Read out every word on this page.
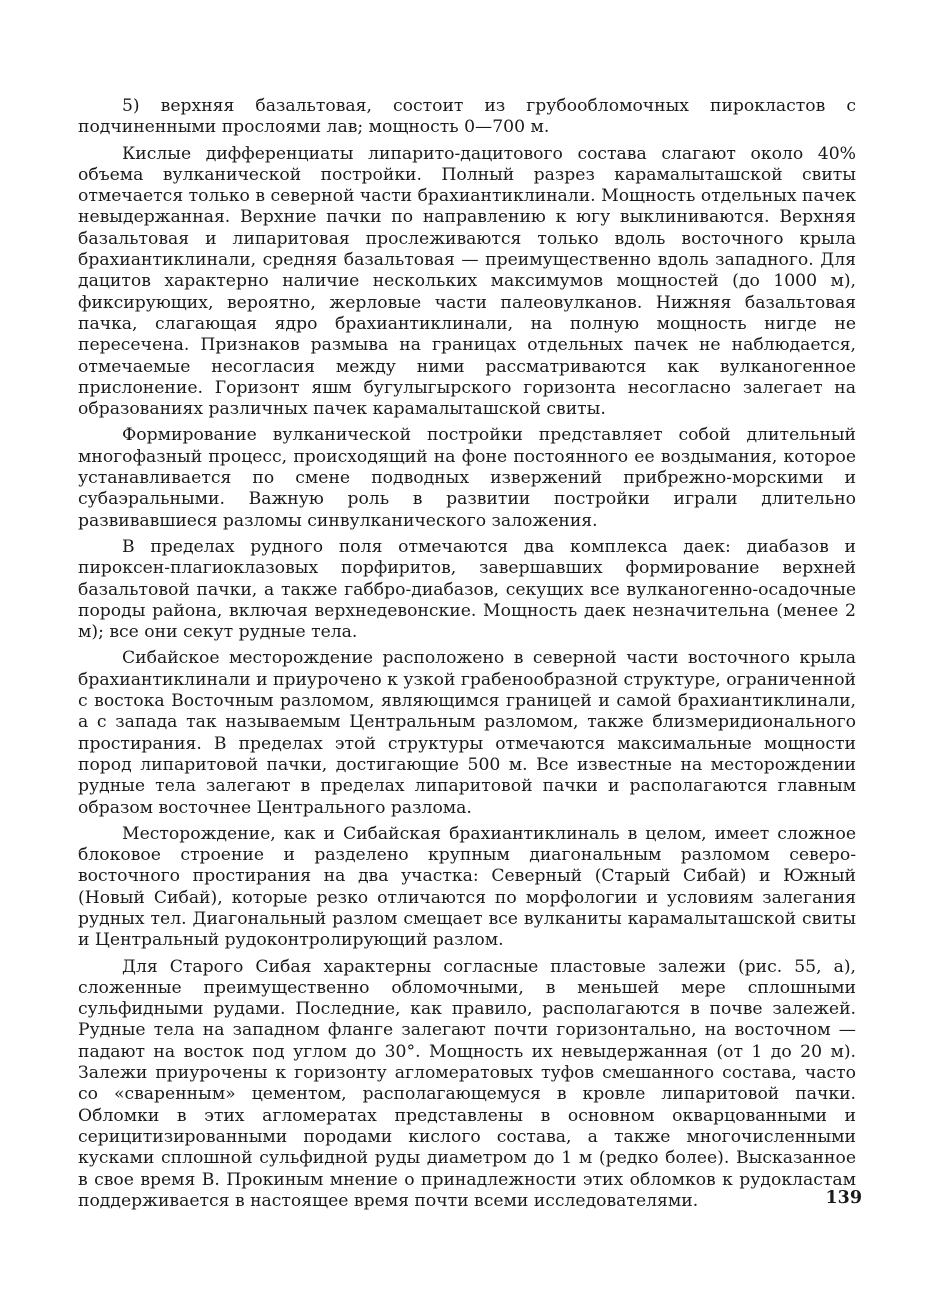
5) верхняя базальтовая, состоит из грубообломочных пирокластов с подчиненными прослоями лав; мощность 0—700 м.

Кислые дифференциаты липарито-дацитового состава слагают около 40% объема вулканической постройки. Полный разрез карамалыташской свиты отмечается только в северной части брахиантиклинали. Мощность отдельных пачек невыдержанная. Верхние пачки по направлению к югу выклиниваются. Верхняя базальтовая и липаритовая прослеживаются только вдоль восточного крыла брахиантиклинали, средняя базальтовая — преимущественно вдоль западного. Для дацитов характерно наличие нескольких максимумов мощностей (до 1000 м), фиксирующих, вероятно, жерловые части палеовулканов. Нижняя базальтовая пачка, слагающая ядро брахиантиклинали, на полную мощность нигде не пересечена. Признаков размыва на границах отдельных пачек не наблюдается, отмечаемые несогласия между ними рассматриваются как вулканогенное прислонение. Горизонт яшм бугулыгырского горизонта несогласно залегает на образованиях различных пачек карамалыташской свиты.

Формирование вулканической постройки представляет собой длительный многофазный процесс, происходящий на фоне постоянного ее воздымания, которое устанавливается по смене подводных извержений прибрежно-морскими и субаэральными. Важную роль в развитии постройки играли длительно развивавшиеся разломы синвулканического заложения.

В пределах рудного поля отмечаются два комплекса даек: диабазов и пироксен-плагиоклазовых порфиритов, завершавших формирование верхней базальтовой пачки, а также габбро-диабазов, секущих все вулканогенно-осадочные породы района, включая верхнедевонские. Мощность даек незначительна (менее 2 м); все они секут рудные тела.

Сибайское месторождение расположено в северной части восточного крыла брахиантиклинали и приурочено к узкой грабенообразной структуре, ограниченной с востока Восточным разломом, являющимся границей и самой брахиантиклинали, а с запада так называемым Центральным разломом, также близмеридионального простирания. В пределах этой структуры отмечаются максимальные мощности пород липаритовой пачки, достигающие 500 м. Все известные на месторождении рудные тела залегают в пределах липаритовой пачки и располагаются главным образом восточнее Центрального разлома.

Месторождение, как и Сибайская брахиантиклиналь в целом, имеет сложное блоковое строение и разделено крупным диагональным разломом северо-восточного простирания на два участка: Северный (Старый Сибай) и Южный (Новый Сибай), которые резко отличаются по морфологии и условиям залегания рудных тел. Диагональный разлом смещает все вулканиты карамалыташской свиты и Центральный рудоконтролирующий разлом.

Для Старого Сибая характерны согласные пластовые залежи (рис. 55, а), сложенные преимущественно обломочными, в меньшей мере сплошными сульфидными рудами. Последние, как правило, располагаются в почве залежей. Рудные тела на западном фланге залегают почти горизонтально, на восточном — падают на восток под углом до 30°. Мощность их невыдержанная (от 1 до 20 м). Залежи приурочены к горизонту агломератовых туфов смешанного состава, часто со «сваренным» цементом, располагающемуся в кровле липаритовой пачки. Обломки в этих агломератах представлены в основном окварцованными и серицитизированными породами кислого состава, а также многочисленными кусками сплошной сульфидной руды диаметром до 1 м (редко более). Высказанное в свое время В. Прокиным мнение о принадлежности этих обломков к рудокластам поддерживается в настоящее время почти всеми исследователями.	139
